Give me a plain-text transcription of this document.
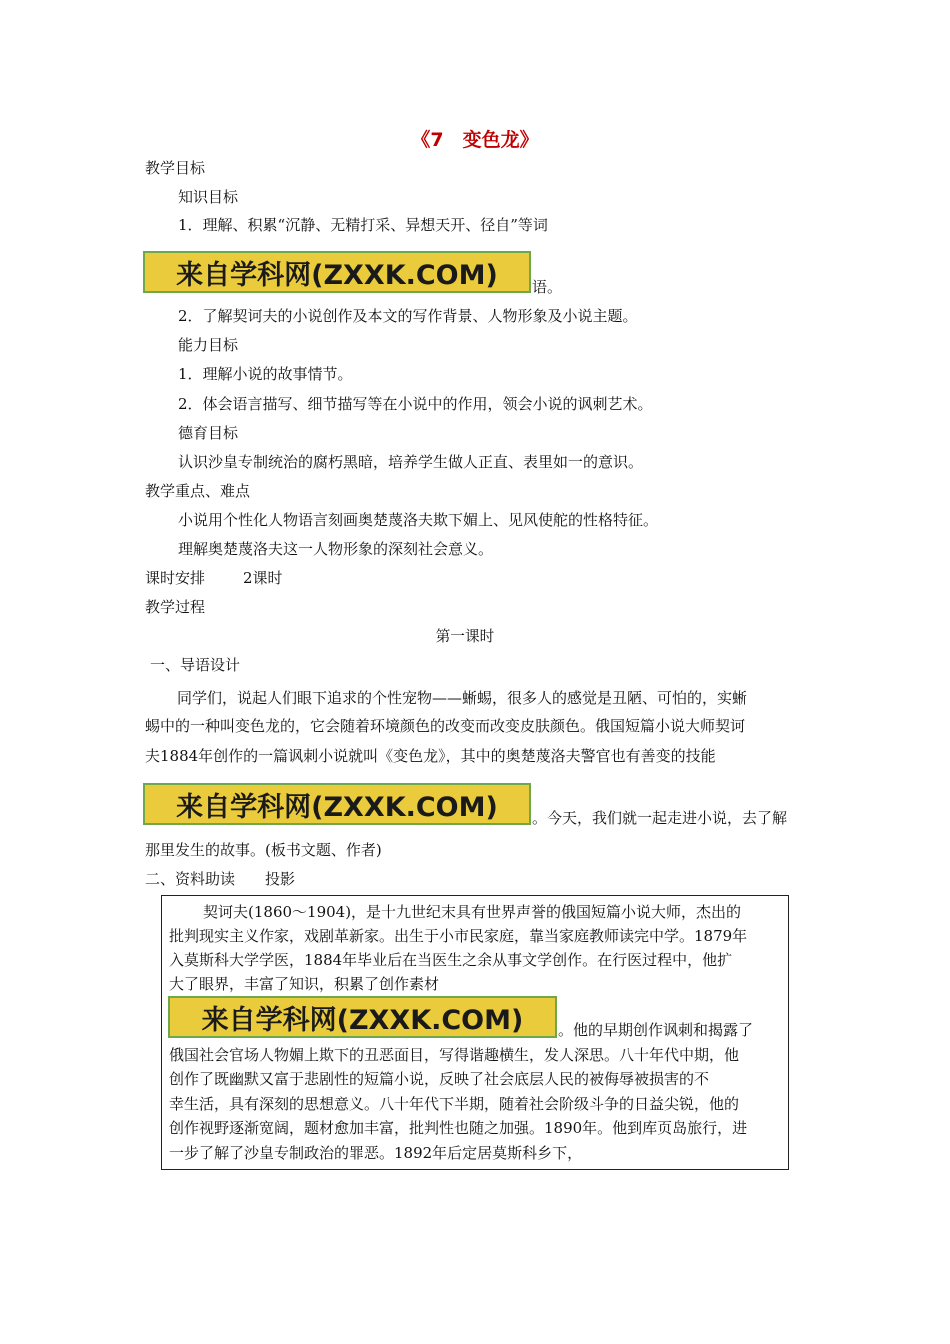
《7　变色龙》
教学目标
知识目标
1．理解、积累“沉静、无精打采、异想天开、径自”等词
来自学科网(ZXXK.COM) 语。
2．了解契诃夫的小说创作及本文的写作背景、人物形象及小说主题。
能力目标
1．理解小说的故事情节。
2．体会语言描写、细节描写等在小说中的作用，领会小说的讽刺艺术。
德育目标
认识沙皇专制统治的腐朽黑暗，培养学生做人正直、表里如一的意识。
教学重点、难点
小说用个性化人物语言刻画奥楚蔑洛夫欺下媚上、见风使舵的性格特征。
理解奥楚蔑洛夫这一人物形象的深刻社会意义。
课时安排	2课时
教学过程
第一课时
一、导语设计
同学们，说起人们眼下追求的个性宠物——蜥蜴，很多人的感觉是丑陋、可怕的，实蜥
蜴中的一种叫变色龙的，它会随着环境颜色的改变而改变皮肤颜色。俄国短篇小说大师契诃
夫1884年创作的一篇讽刺小说就叫《变色龙》，其中的奥楚蔑洛夫警官也有善变的技能
来自学科网(ZXXK.COM) 。今天，我们就一起走进小说，去了解
那里发生的故事。(板书文题、作者)
二、资料助读　　投影
契诃夫(1860～1904)，是十九世纪末具有世界声誉的俄国短篇小说大师，杰出的
批判现实主义作家，戏剧革新家。出生于小市民家庭，靠当家庭教师读完中学。1879年
入莫斯科大学学医，1884年毕业后在当医生之余从事文学创作。在行医过程中，他扩
大了眼界，丰富了知识，积累了创作素材
来自学科网(ZXXK.COM) 。他的早期创作讽刺和揭露了
俄国社会官场人物媚上欺下的丑恶面目，写得谐趣横生，发人深思。八十年代中期，他
创作了既幽默又富于悲剧性的短篇小说，反映了社会底层人民的被侮辱被损害的不
幸生活，具有深刻的思想意义。八十年代下半期，随着社会阶级斗争的日益尖锐，他的
创作视野逐渐宽阔，题材愈加丰富，批判性也随之加强。1890年。他到库页岛旅行，进
一步了解了沙皇专制政治的罪恶。1892年后定居莫斯科乡下，
